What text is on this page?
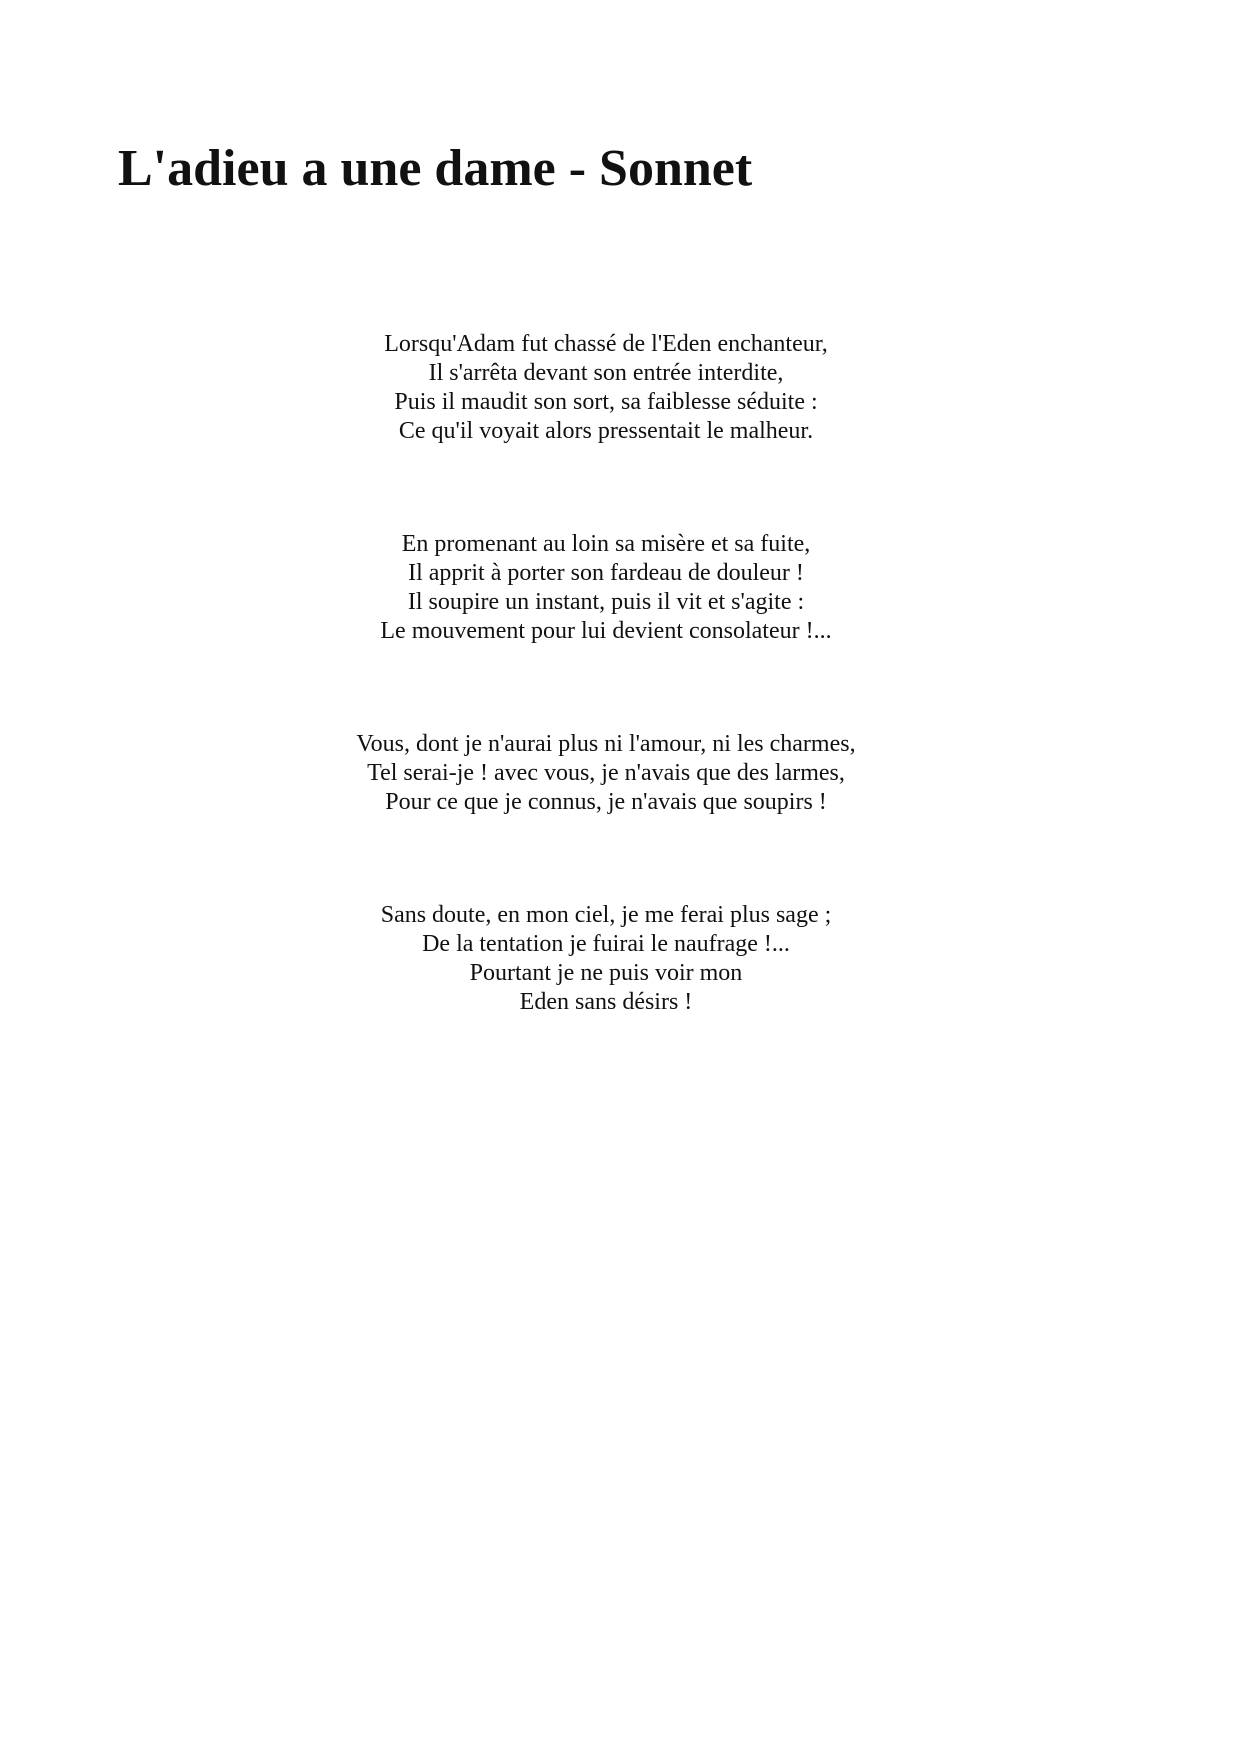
L'adieu a une dame - Sonnet

Lorsqu'Adam fut chassé de l'Eden enchanteur,
Il s'arrêta devant son entrée interdite,
Puis il maudit son sort, sa faiblesse séduite :
Ce qu'il voyait alors pressentait le malheur.

En promenant au loin sa misère et sa fuite,
Il apprit à porter son fardeau de douleur !
Il soupire un instant, puis il vit et s'agite :
Le mouvement pour lui devient consolateur !...

Vous, dont je n'aurai plus ni l'amour, ni les charmes,
Tel serai-je ! avec vous, je n'avais que des larmes,
Pour ce que je connus, je n'avais que soupirs !

Sans doute, en mon ciel, je me ferai plus sage ;
De la tentation je fuirai le naufrage !...
Pourtant je ne puis voir mon
Eden sans désirs !
